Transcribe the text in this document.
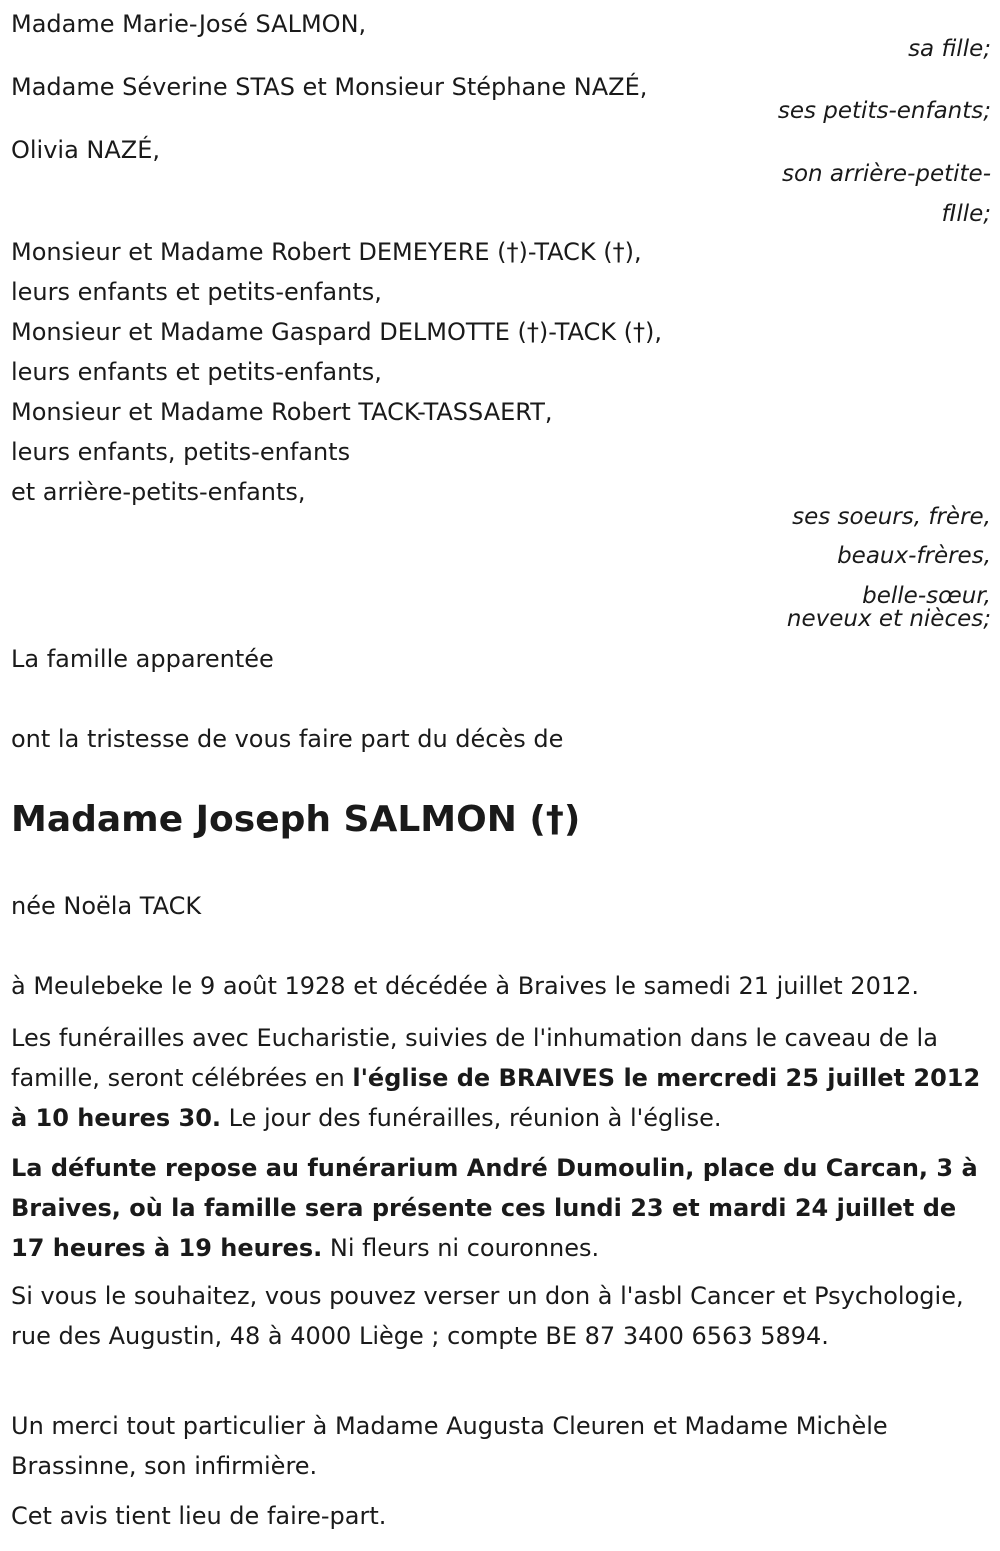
Madame Marie-José SALMON,
sa fille;
Madame Séverine STAS et Monsieur Stéphane NAZÉ,
ses petits-enfants;
Olivia NAZÉ,
son arrière-petite-
fIlle;
Monsieur et Madame Robert DEMEYERE (†)-TACK (†),
leurs enfants et petits-enfants,
Monsieur et Madame Gaspard DELMOTTE (†)-TACK (†),
leurs enfants et petits-enfants,
Monsieur et Madame Robert TACK-TASSAERT,
leurs enfants, petits-enfants
et arrière-petits-enfants,
ses soeurs, frère,
beaux-frères,
belle-sœur,
neveux et nièces;
La famille apparentée
ont la tristesse de vous faire part du décès de
Madame Joseph SALMON (†)
née Noëla TACK
à Meulebeke le 9 août 1928 et décédée à Braives le samedi 21 juillet 2012.
Les funérailles avec Eucharistie, suivies de l'inhumation dans le caveau de la famille, seront célébrées en l'église de BRAIVES le mercredi 25 juillet 2012 à 10 heures 30. Le jour des funérailles, réunion à l'église.
La défunte repose au funérarium André Dumoulin, place du Carcan, 3 à Braives, où la famille sera présente ces lundi 23 et mardi 24 juillet de 17 heures à 19 heures. Ni fleurs ni couronnes.
Si vous le souhaitez, vous pouvez verser un don à l'asbl Cancer et Psychologie, rue des Augustin, 48 à 4000 Liège ; compte BE 87 3400 6563 5894.
Un merci tout particulier à Madame Augusta Cleuren et Madame Michèle Brassinne, son infirmière.
Cet avis tient lieu de faire-part.
